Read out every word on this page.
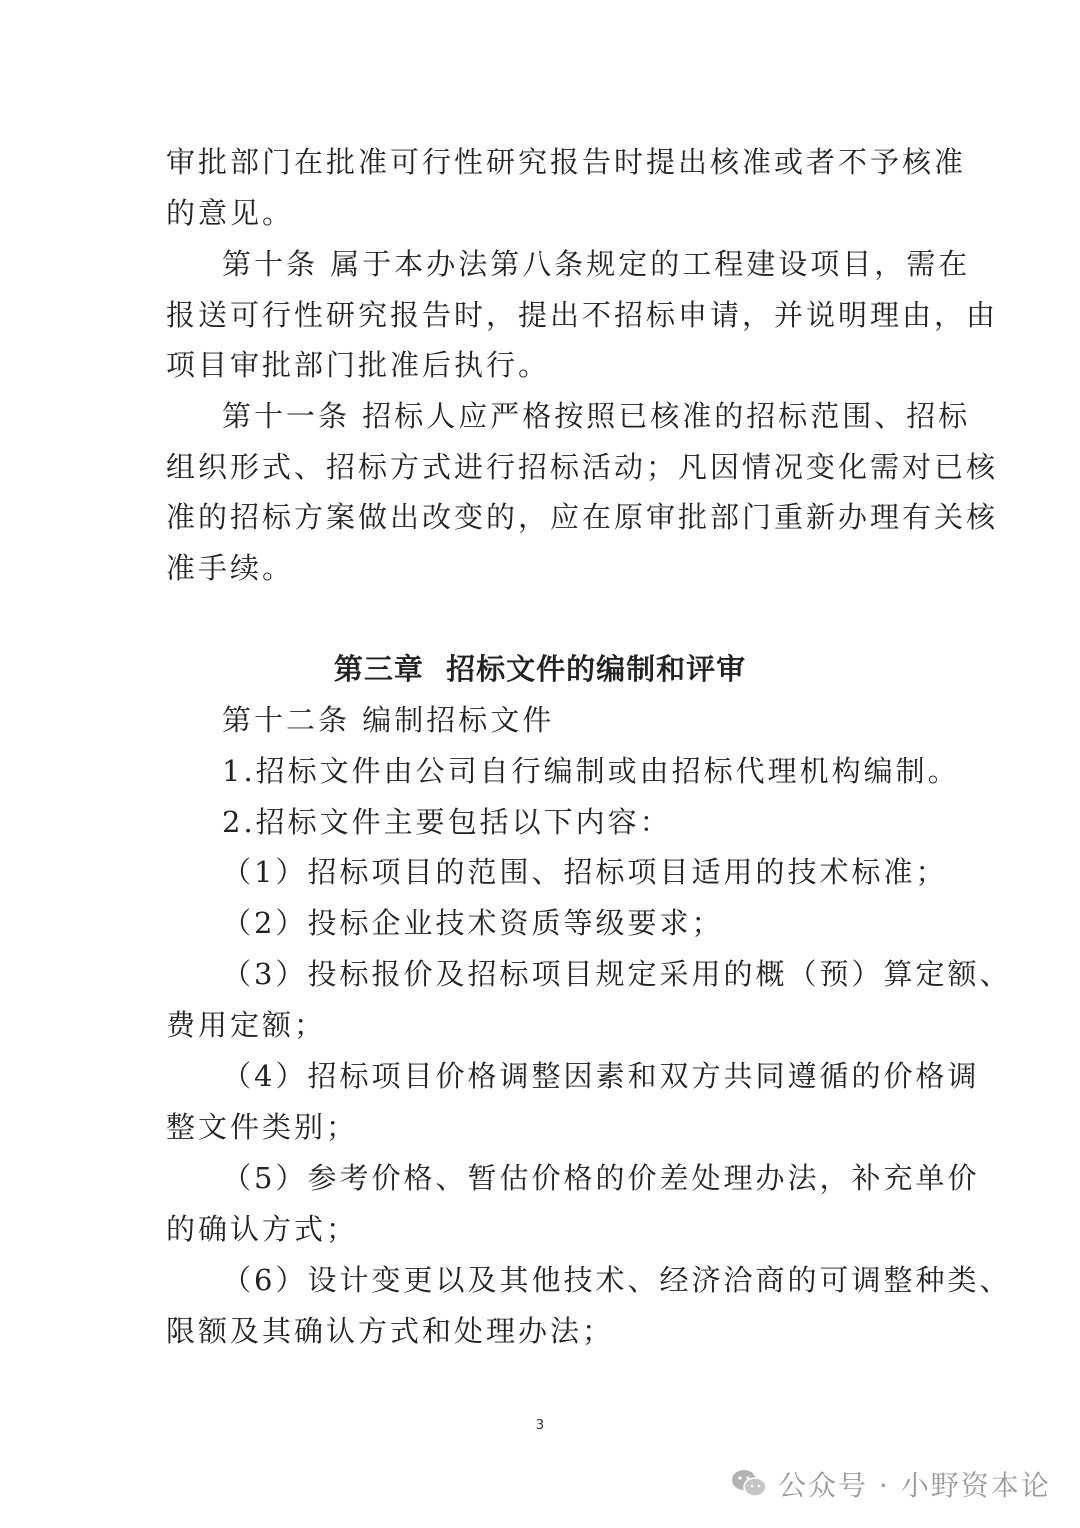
审批部门在批准可行性研究报告时提出核准或者不予核准
的意见。
第十条 属于本办法第八条规定的工程建设项目，需在
报送可行性研究报告时，提出不招标申请，并说明理由，由
项目审批部门批准后执行。
第十一条 招标人应严格按照已核准的招标范围、招标
组织形式、招标方式进行招标活动；凡因情况变化需对已核
准的招标方案做出改变的，应在原审批部门重新办理有关核
准手续。
第三章  招标文件的编制和评审
第十二条 编制招标文件
1.招标文件由公司自行编制或由招标代理机构编制。
2.招标文件主要包括以下内容：
（1）招标项目的范围、招标项目适用的技术标准；
（2）投标企业技术资质等级要求；
（3）投标报价及招标项目规定采用的概（预）算定额、
费用定额；
（4）招标项目价格调整因素和双方共同遵循的价格调
整文件类别；
（5）参考价格、暂估价格的价差处理办法，补充单价
的确认方式；
（6）设计变更以及其他技术、经济洽商的可调整种类、
限额及其确认方式和处理办法；
3
公众号 · 小野资本论
